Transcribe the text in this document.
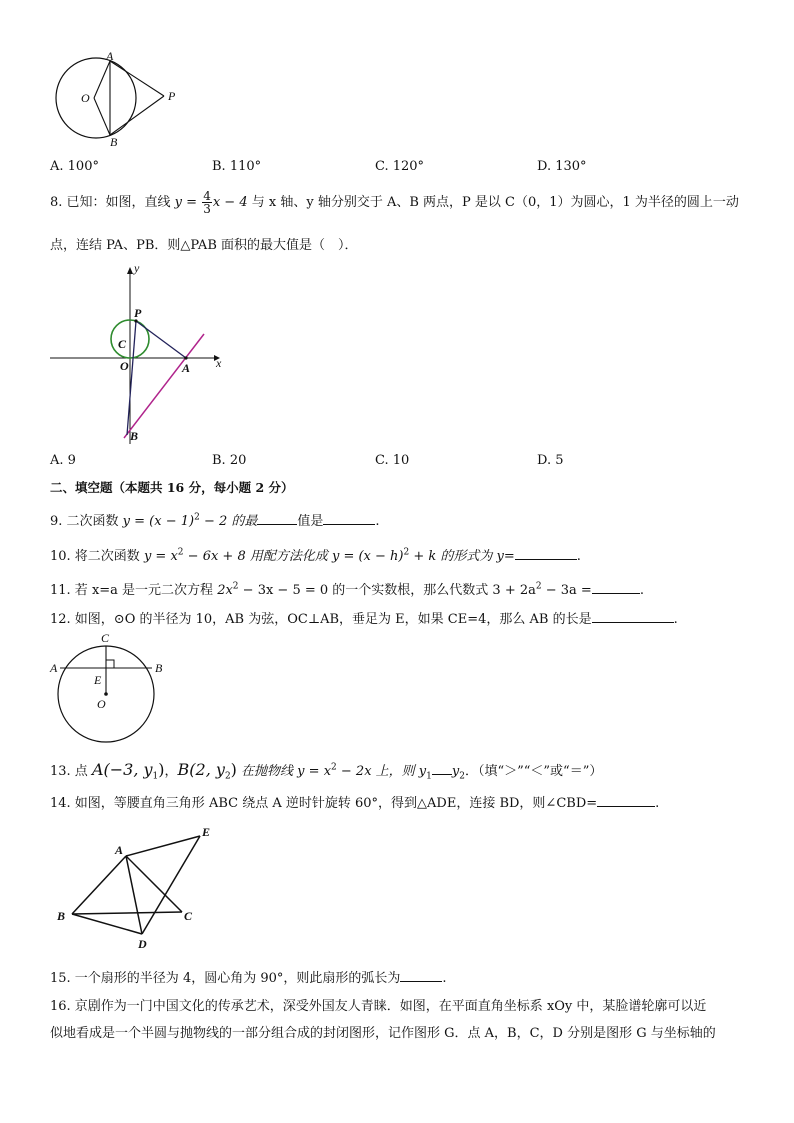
A
O	P
B
A. 100°	B. 110°	C. 120°	D. 130°
8. 已知：如图，直线 $y = \frac{4}{3}$ x − 4 与 x 轴、y 轴分别交于 A、B 两点，P 是以 C（0，1）为圆心，1 为半径的圆上一动
点，连结 PA、PB．则△PAB 面积的最大值是（　）．
y
P
C
O	A x
B
A. 9	B. 20	C. 10	D. 5
二、填空题（本题共 16 分，每小题 2 分）
9. 二次函数 $y = (x - 1)^2 - 2$ 的最	值是	.
10. 将二次函数 $y = x^2 - 6x + 8$ 用配方法化成 $y = (x - h)^2 + k$ 的形式为 y=	.
11. 若 x=a 是一元二次方程 $2x^2 - 3x - 5 = 0$ 的一个实数根，那么代数式 $3 + 2a^2 - 3a$ =	.
12. 如图，⊙O 的半径为 10，AB 为弦，OC⊥AB，垂足为 E，如果 CE=4，那么 AB 的长是	.
C
A	B
E
O
13. 点 A(−3, $y_1$)，B(2, $y_2$) 在抛物线 $y = x^2 - 2x$ 上，则 $y_1$ $y_2$．（填“＞”“＜”或“＝”）
14. 如图，等腰直角三角形 ABC 绕点 A 逆时针旋转 60°，得到△ADE，连接 BD，则∠CBD=	.
A
E
B	C
D
15. 一个扇形的半径为 4，圆心角为 90°，则此扇形的弧长为	.
16. 京剧作为一门中国文化的传承艺术，深受外国友人青睐．如图，在平面直角坐标系 xOy 中，某脸谱轮廓可以近
似地看成是一个半圆与抛物线的一部分组合成的封闭图形，记作图形 G．点 A，B，C，D 分别是图形 G 与坐标轴的
